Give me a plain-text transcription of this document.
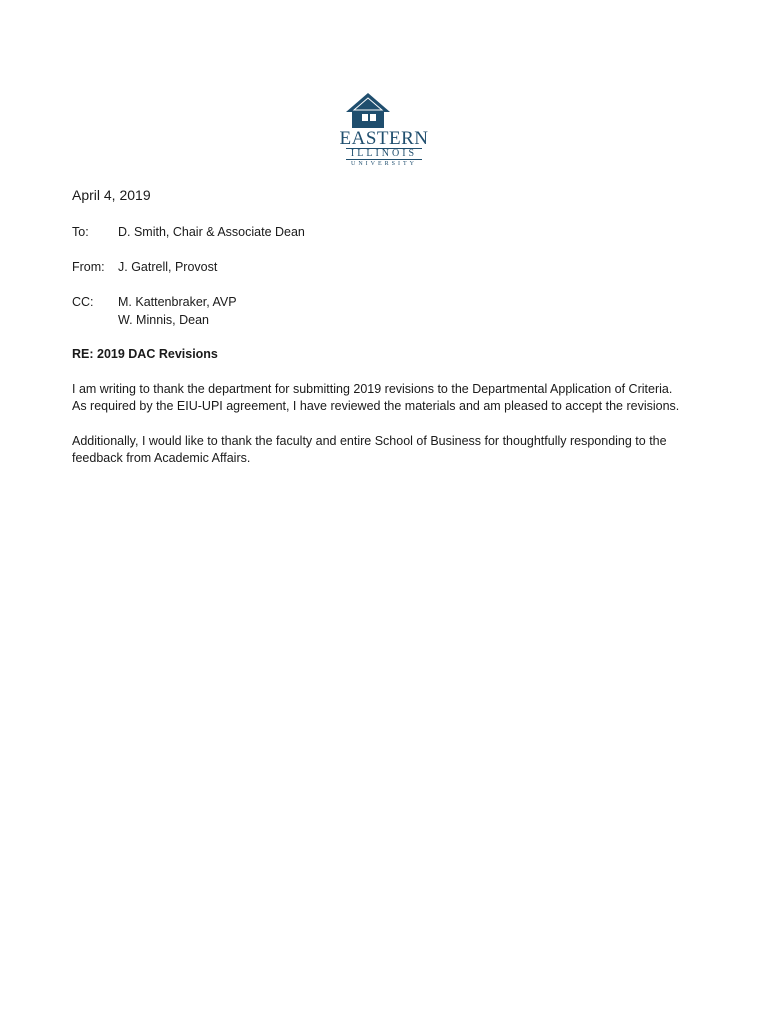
EASTERN
ILLINOIS
UNIVERSITY
April 4, 2019
To: D. Smith, Chair & Associate Dean
From: J. Gatrell, Provost
CC: M. Kattenbraker, AVP
W. Minnis, Dean
RE: 2019 DAC Revisions
I am writing to thank the department for submitting 2019 revisions to the Departmental Application of Criteria.
As required by the EIU-UPI agreement, I have reviewed the materials and am pleased to accept the revisions.
Additionally, I would like to thank the faculty and entire School of Business for thoughtfully responding to the
feedback from Academic Affairs.
